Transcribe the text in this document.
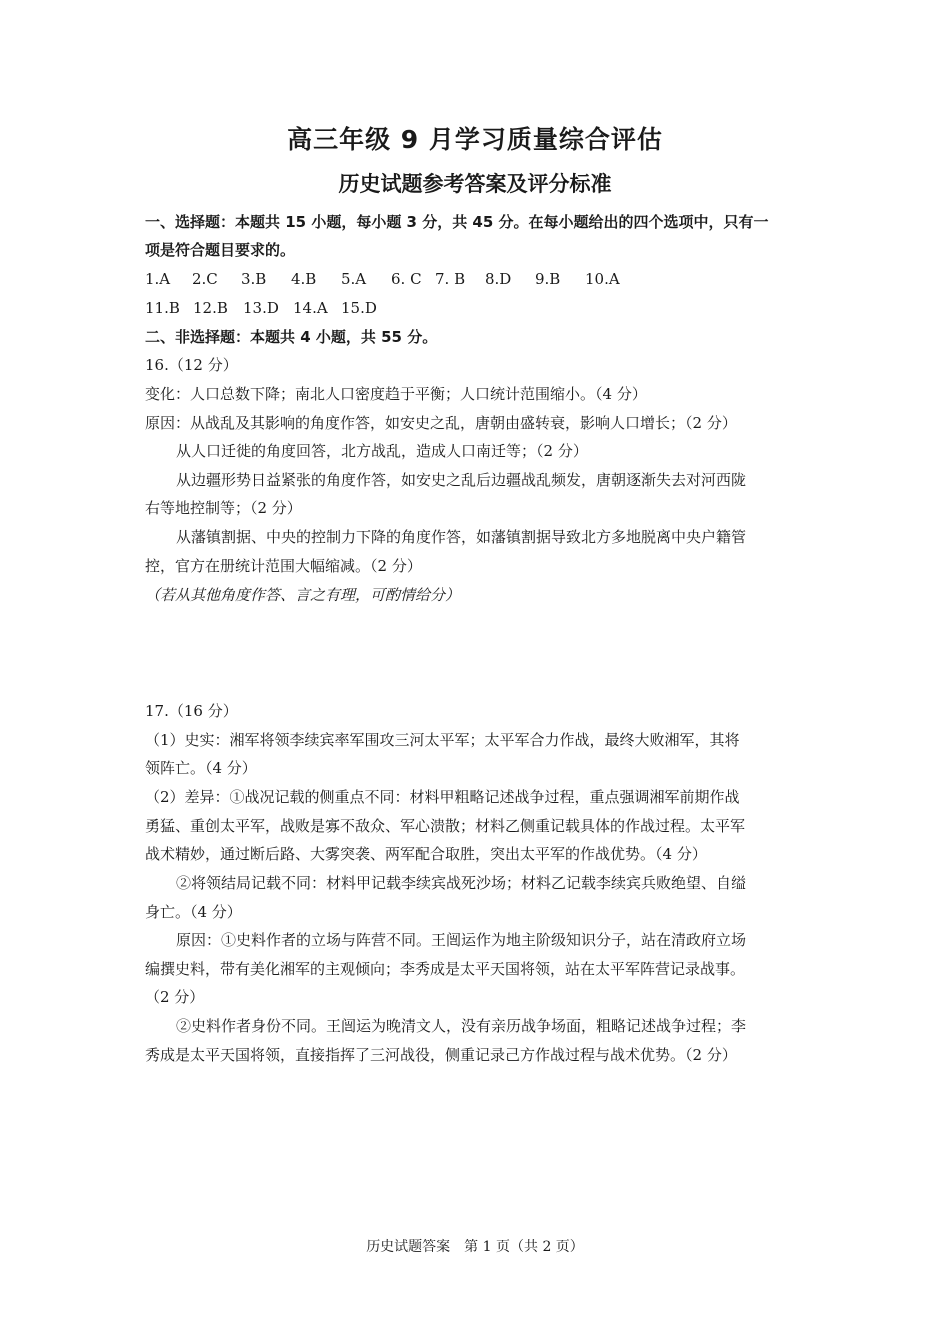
高三年级 9 月学习质量综合评估
历史试题参考答案及评分标准
一、选择题：本题共 15 小题，每小题 3 分，共 45 分。在每小题给出的四个选项中，只有一
项是符合题目要求的。
1.A 2.C 3.B 4.B 5.A 6. C 7. B 8.D 9.B 10.A
11.B 12.B 13.D 14.A 15.D
二、非选择题：本题共 4 小题，共 55 分。
16.（12 分）
变化：人口总数下降；南北人口密度趋于平衡；人口统计范围缩小。（4 分）
原因：从战乱及其影响的角度作答，如安史之乱，唐朝由盛转衰，影响人口增长；（2 分）
从人口迁徙的角度回答，北方战乱，造成人口南迁等；（2 分）
从边疆形势日益紧张的角度作答，如安史之乱后边疆战乱频发，唐朝逐渐失去对河西陇
右等地控制等；（2 分）
从藩镇割据、中央的控制力下降的角度作答，如藩镇割据导致北方多地脱离中央户籍管
控，官方在册统计范围大幅缩减。（2 分）
（若从其他角度作答、言之有理，可酌情给分）
17.（16 分）
（1）史实：湘军将领李续宾率军围攻三河太平军；太平军合力作战，最终大败湘军，其将
领阵亡。（4 分）
（2）差异：①战况记载的侧重点不同：材料甲粗略记述战争过程，重点强调湘军前期作战
勇猛、重创太平军，战败是寡不敌众、军心溃散；材料乙侧重记载具体的作战过程。太平军
战术精妙，通过断后路、大雾突袭、两军配合取胜，突出太平军的作战优势。（4 分）
②将领结局记载不同：材料甲记载李续宾战死沙场；材料乙记载李续宾兵败绝望、自缢
身亡。（4 分）
原因：①史料作者的立场与阵营不同。王闿运作为地主阶级知识分子，站在清政府立场
编撰史料，带有美化湘军的主观倾向；李秀成是太平天国将领，站在太平军阵营记录战事。
（2 分）
②史料作者身份不同。王闿运为晚清文人，没有亲历战争场面，粗略记述战争过程；李
秀成是太平天国将领，直接指挥了三河战役，侧重记录己方作战过程与战术优势。（2 分）
历史试题答案　第 1 页（共 2 页）
